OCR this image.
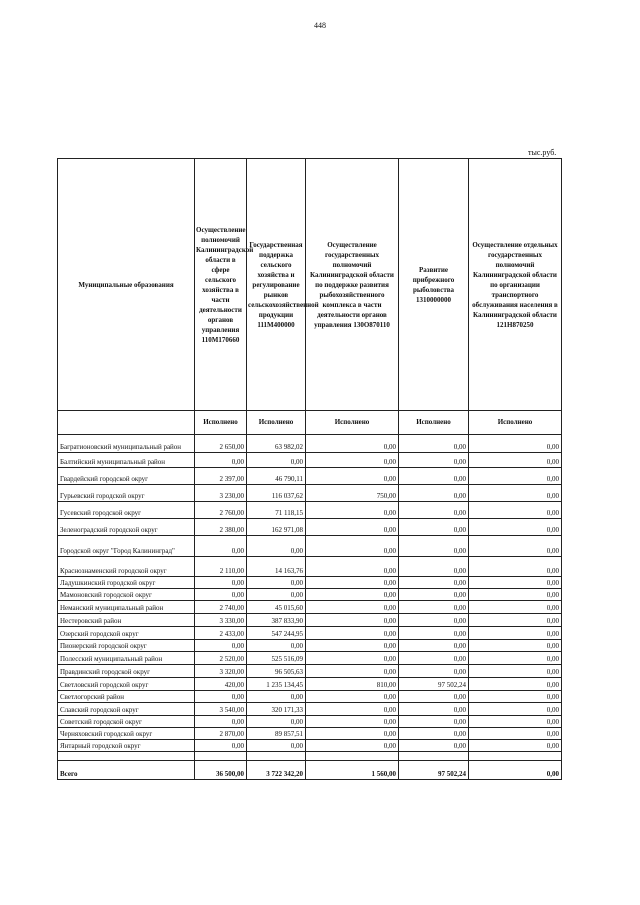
448
тыс.руб.
Муниципальные образования	Осуществление полномочий Калининградской области в сфере сельского хозяйства в части деятельности органов управления 110М170660	Государственная поддержка сельского хозяйства и регулирование рынков сельскохозяйственной продукции 111М400000	Осуществление государственных полномочий Калининградской области по поддержке развития рыбохозяйственного комплекса в части деятельности органов управления 130О870110	Развитие прибрежного рыболовства 1310000000	Осуществление отдельных государственных полномочий Калининградской области по организации транспортного обслуживания населения в Калининградской области 121Н870250
	Исполнено	Исполнено	Исполнено	Исполнено	Исполнено
Багратионовский муниципальный район	2 650,00	63 982,02	0,00	0,00	0,00
Балтийский муниципальный район	0,00	0,00	0,00	0,00	0,00
Гвардейский городской округ	2 397,00	46 790,11	0,00	0,00	0,00
Гурьевский городской округ	3 230,00	116 037,62	750,00	0,00	0,00
Гусевский городской округ	2 760,00	71 118,15	0,00	0,00	0,00
Зеленоградский городской округ	2 380,00	162 971,08	0,00	0,00	0,00
Городской округ "Город Калининград"	0,00	0,00	0,00	0,00	0,00
Краснознаменский городской округ	2 110,00	14 163,76	0,00	0,00	0,00
Ладушкинский городской округ	0,00	0,00	0,00	0,00	0,00
Мамоновский городской округ	0,00	0,00	0,00	0,00	0,00
Неманский муниципальный район	2 740,00	45 015,60	0,00	0,00	0,00
Нестеровский район	3 330,00	387 833,90	0,00	0,00	0,00
Озерский городской округ	2 433,00	547 244,95	0,00	0,00	0,00
Пионерский городской округ	0,00	0,00	0,00	0,00	0,00
Полесский муниципальный район	2 520,00	525 516,09	0,00	0,00	0,00
Правдинский городской округ	3 320,00	96 505,63	0,00	0,00	0,00
Светловский городской округ	420,00	1 235 134,45	810,00	97 502,24	0,00
Светлогорский район	0,00	0,00	0,00	0,00	0,00
Славский городской округ	3 540,00	320 171,33	0,00	0,00	0,00
Советский городской округ	0,00	0,00	0,00	0,00	0,00
Черняховский городской округ	2 870,00	89 857,51	0,00	0,00	0,00
Янтарный городской округ	0,00	0,00	0,00	0,00	0,00

Всего	36 500,00	3 722 342,20	1 560,00	97 502,24	0,00
